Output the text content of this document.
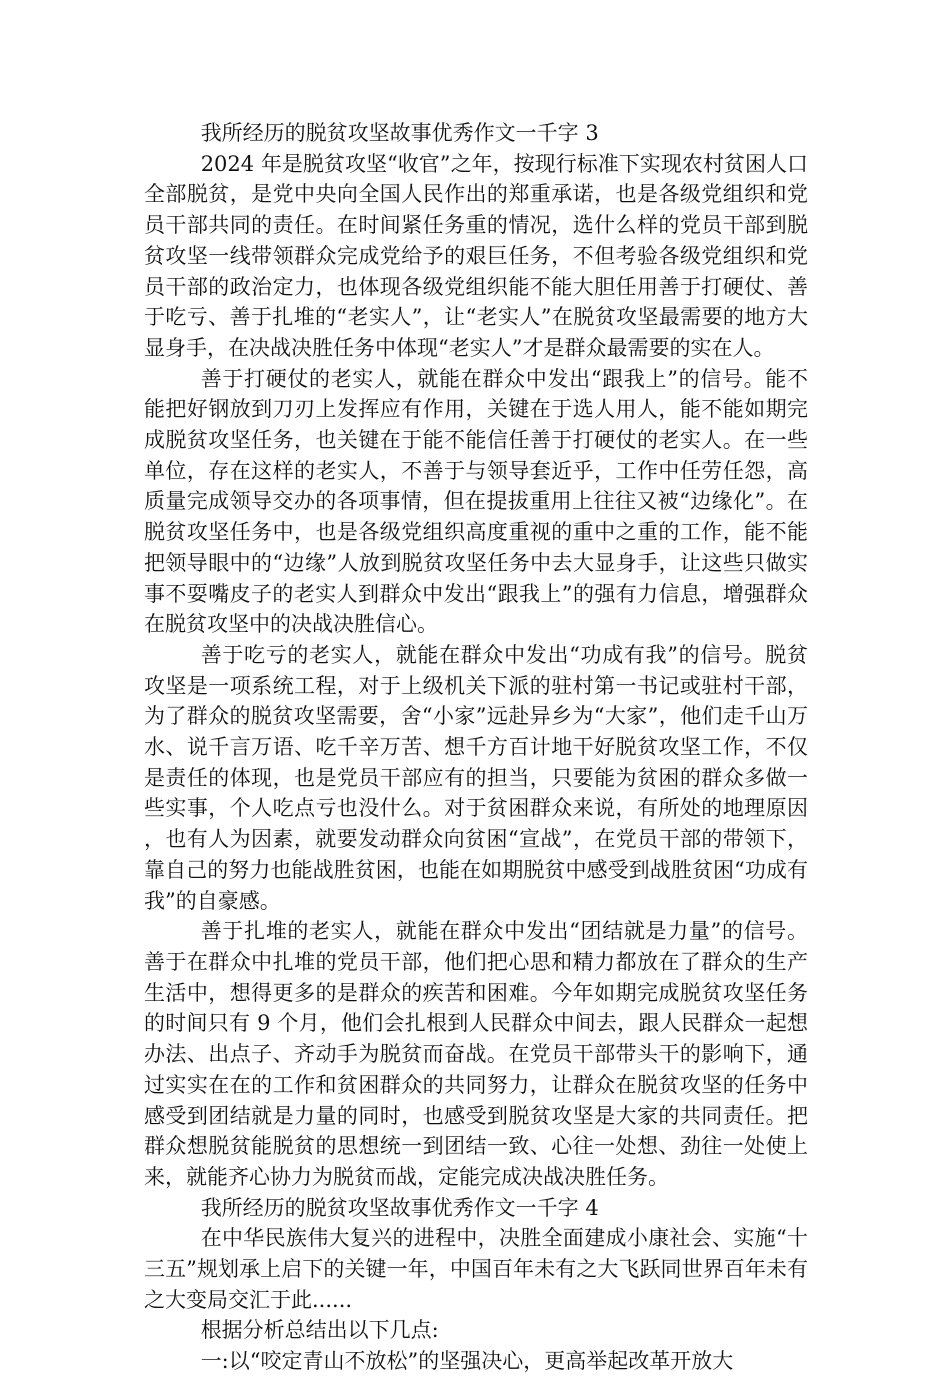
我所经历的脱贫攻坚故事优秀作文一千字 3

2024 年是脱贫攻坚“收官”之年，按现行标准下实现农村贫困人口全部脱贫，是党中央向全国人民作出的郑重承诺，也是各级党组织和党员干部共同的责任。在时间紧任务重的情况，选什么样的党员干部到脱贫攻坚一线带领群众完成党给予的艰巨任务，不但考验各级党组织和党员干部的政治定力，也体现各级党组织能不能大胆任用善于打硬仗、善于吃亏、善于扎堆的“老实人”，让“老实人”在脱贫攻坚最需要的地方大显身手，在决战决胜任务中体现“老实人”才是群众最需要的实在人。

善于打硬仗的老实人，就能在群众中发出“跟我上”的信号。能不能把好钢放到刀刃上发挥应有作用，关键在于选人用人，能不能如期完成脱贫攻坚任务，也关键在于能不能信任善于打硬仗的老实人。在一些单位，存在这样的老实人，不善于与领导套近乎，工作中任劳任怨，高质量完成领导交办的各项事情，但在提拔重用上往往又被“边缘化”。在脱贫攻坚任务中，也是各级党组织高度重视的重中之重的工作，能不能把领导眼中的“边缘”人放到脱贫攻坚任务中去大显身手，让这些只做实事不耍嘴皮子的老实人到群众中发出“跟我上”的强有力信息，增强群众在脱贫攻坚中的决战决胜信心。

善于吃亏的老实人，就能在群众中发出“功成有我”的信号。脱贫攻坚是一项系统工程，对于上级机关下派的驻村第一书记或驻村干部，为了群众的脱贫攻坚需要，舍“小家”远赴异乡为“大家”，他们走千山万水、说千言万语、吃千辛万苦、想千方百计地干好脱贫攻坚工作，不仅是责任的体现，也是党员干部应有的担当，只要能为贫困的群众多做一些实事，个人吃点亏也没什么。对于贫困群众来说，有所处的地理原因，也有人为因素，就要发动群众向贫困“宣战”，在党员干部的带领下，靠自己的努力也能战胜贫困，也能在如期脱贫中感受到战胜贫困“功成有我”的自豪感。

善于扎堆的老实人，就能在群众中发出“团结就是力量”的信号。善于在群众中扎堆的党员干部，他们把心思和精力都放在了群众的生产生活中，想得更多的是群众的疾苦和困难。今年如期完成脱贫攻坚任务的时间只有 9 个月，他们会扎根到人民群众中间去，跟人民群众一起想办法、出点子、齐动手为脱贫而奋战。在党员干部带头干的影响下，通过实实在在的工作和贫困群众的共同努力，让群众在脱贫攻坚的任务中感受到团结就是力量的同时，也感受到脱贫攻坚是大家的共同责任。把群众想脱贫能脱贫的思想统一到团结一致、心往一处想、劲往一处使上来，就能齐心协力为脱贫而战，定能完成决战决胜任务。

我所经历的脱贫攻坚故事优秀作文一千字 4

在中华民族伟大复兴的进程中，决胜全面建成小康社会、实施“十三五”规划承上启下的关键一年，中国百年未有之大飞跃同世界百年未有之大变局交汇于此......

根据分析总结出以下几点:

一:以“咬定青山不放松”的坚强决心，更高举起改革开放大
